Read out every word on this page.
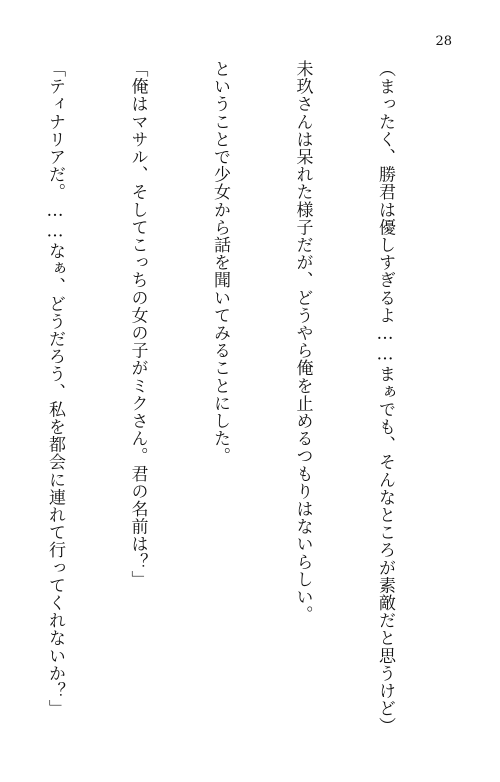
28

（まったく、勝君は優しすぎるよ……まぁでも、そんなところが素敵だと思うけど）

未玖さんは呆れた様子だが、どうやら俺を止めるつもりはないらしい。

ということで少女から話を聞いてみることにした。

「俺はマサル、そしてこっちの女の子がミクさん。君の名前は？」

「ティナリアだ。……なぁ、どうだろう、私を都会に連れて行ってくれないか？」
